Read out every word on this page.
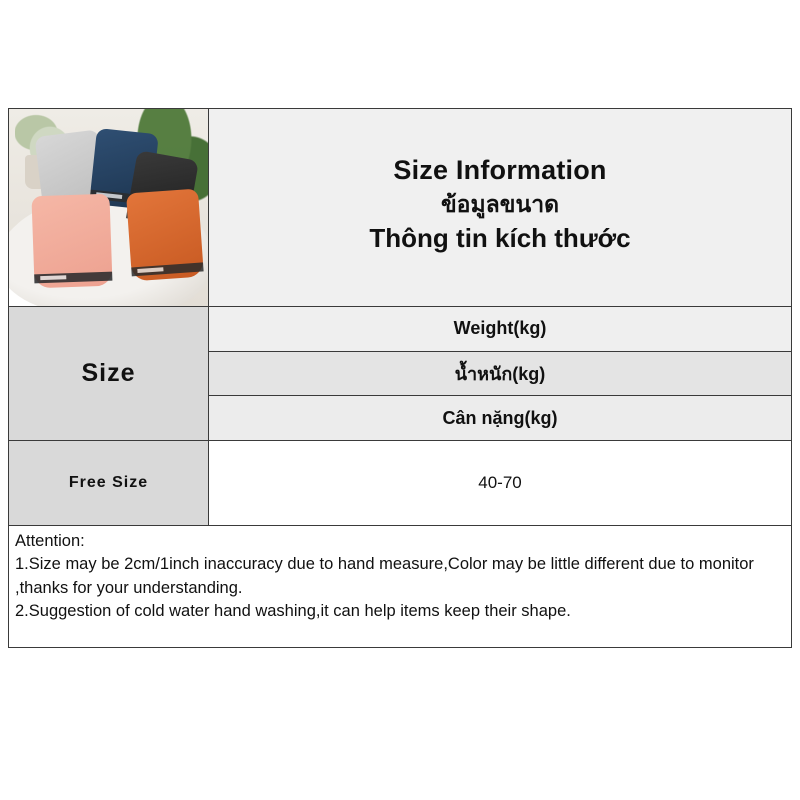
Size Information
ข้อมูลขนาด
Thông tin kích thước
Size
Weight(kg)
น้ำหนัก(kg)
Cân nặng(kg)
Free Size	40-70

Attention:

1.Size may be 2cm/1inch inaccuracy due to hand measure,Color may be little different due to monitor ,thanks for your understanding.

2.Suggestion of cold water hand washing,it can help items keep their shape.
